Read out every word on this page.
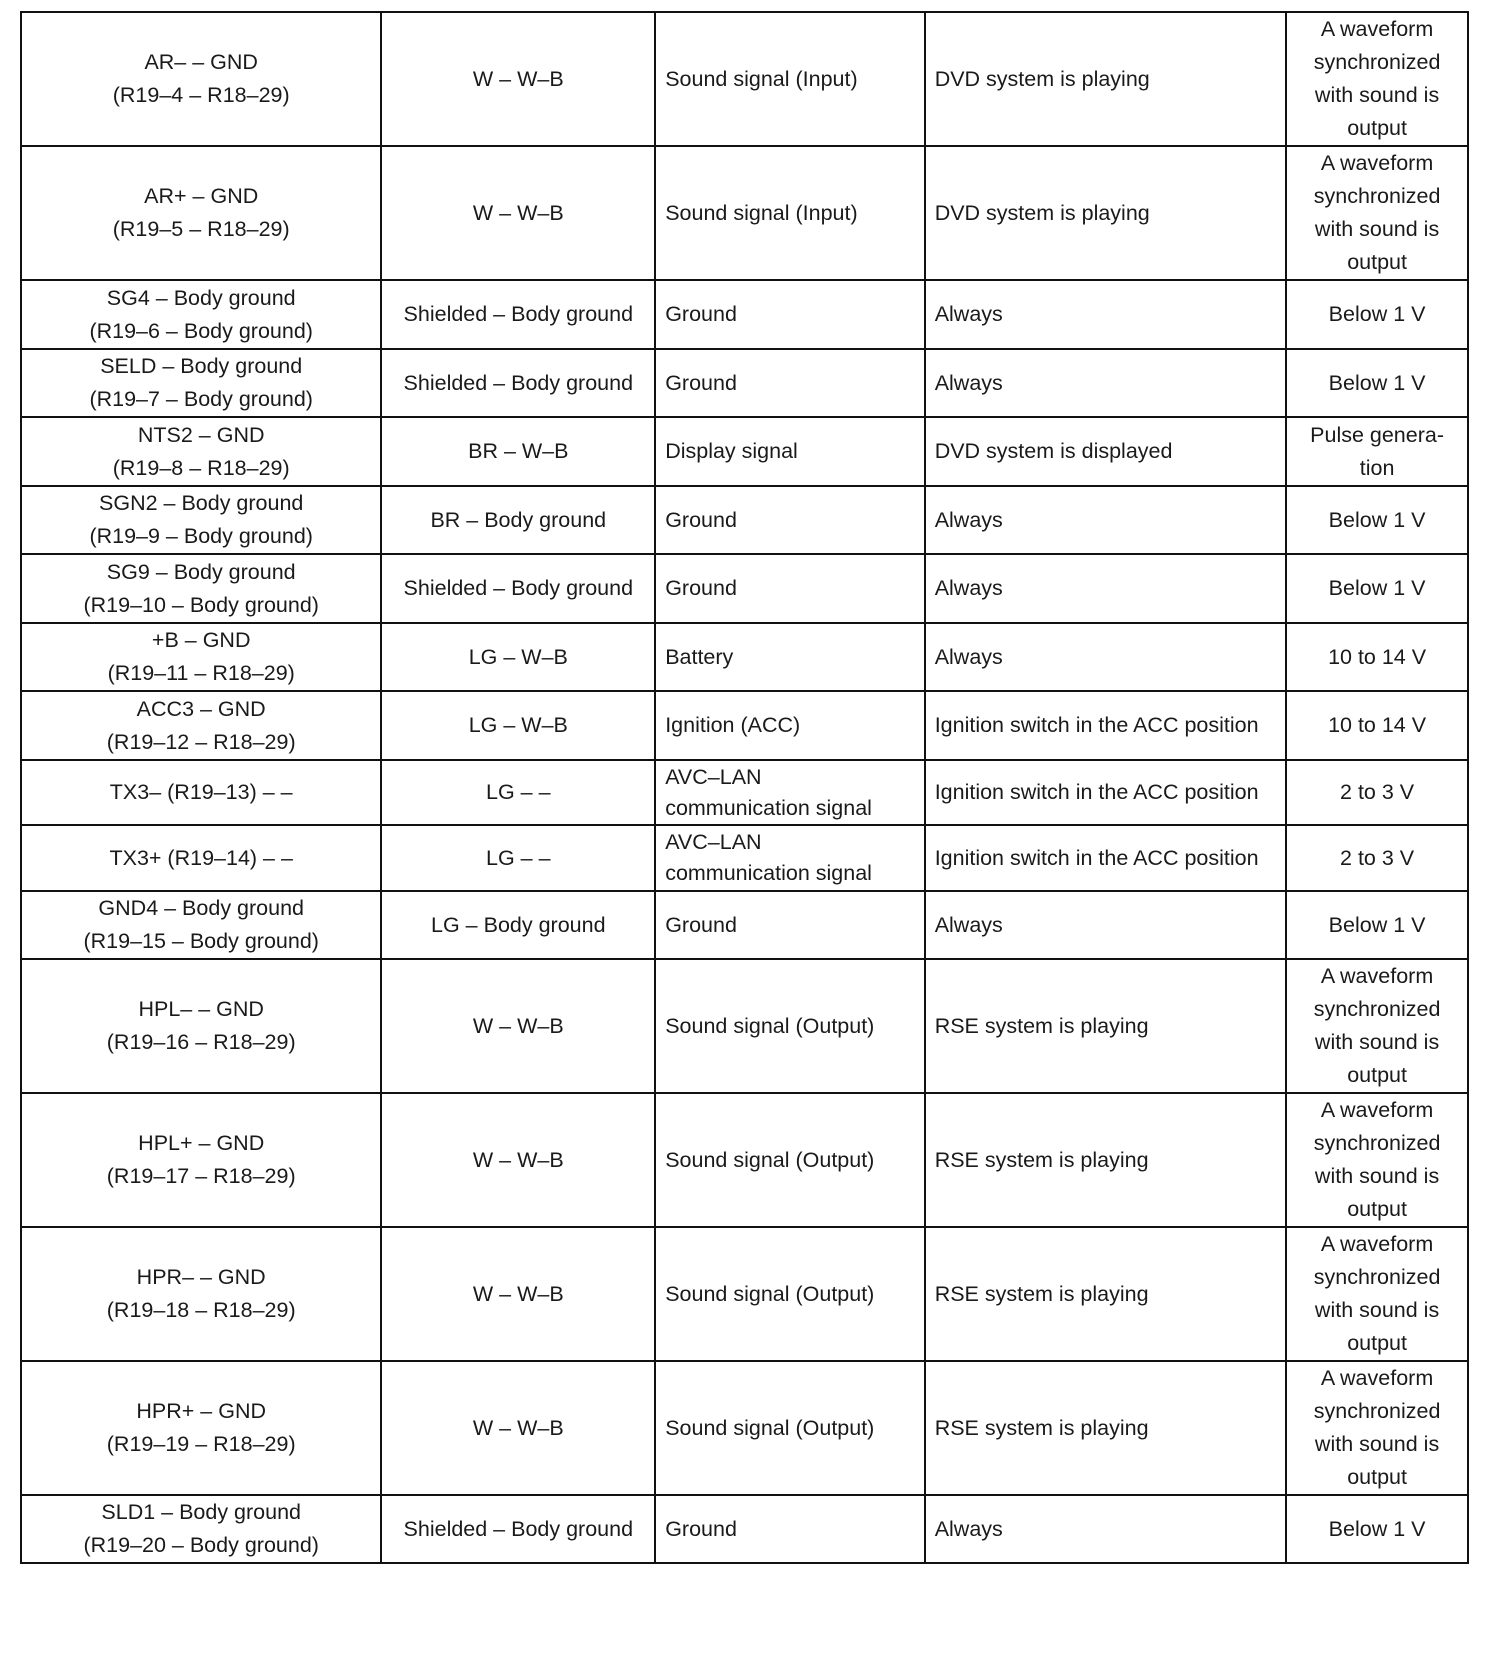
AR– – GND
(R19–4 – R18–29)	W – W–B	Sound signal (Input)	DVD system is playing	A waveform
synchronized
with sound is
output

AR+ – GND
(R19–5 – R18–29)	W – W–B	Sound signal (Input)	DVD system is playing	A waveform
synchronized
with sound is
output

SG4 – Body ground
(R19–6 – Body ground)	Shielded – Body ground	Ground	Always	Below 1 V

SELD – Body ground
(R19–7 – Body ground)	Shielded – Body ground	Ground	Always	Below 1 V

NTS2 – GND
(R19–8 – R18–29)	BR – W–B	Display signal	DVD system is displayed	Pulse genera-
tion

SGN2 – Body ground
(R19–9 – Body ground)	BR – Body ground	Ground	Always	Below 1 V

SG9 – Body ground
(R19–10 – Body ground)	Shielded – Body ground	Ground	Always	Below 1 V

+B – GND
(R19–11 – R18–29)	LG – W–B	Battery	Always	10 to 14 V

ACC3 – GND
(R19–12 – R18–29)	LG – W–B	Ignition (ACC)	Ignition switch in the ACC position	10 to 14 V

TX3– (R19–13) – –	LG – –	AVC–LAN
communication signal	Ignition switch in the ACC position	2 to 3 V

TX3+ (R19–14) – –	LG – –	AVC–LAN
communication signal	Ignition switch in the ACC position	2 to 3 V

GND4 – Body ground
(R19–15 – Body ground)	LG – Body ground	Ground	Always	Below 1 V

HPL– – GND
(R19–16 – R18–29)	W – W–B	Sound signal (Output)	RSE system is playing	A waveform
synchronized
with sound is
output

HPL+ – GND
(R19–17 – R18–29)	W – W–B	Sound signal (Output)	RSE system is playing	A waveform
synchronized
with sound is
output

HPR– – GND
(R19–18 – R18–29)	W – W–B	Sound signal (Output)	RSE system is playing	A waveform
synchronized
with sound is
output

HPR+ – GND
(R19–19 – R18–29)	W – W–B	Sound signal (Output)	RSE system is playing	A waveform
synchronized
with sound is
output

SLD1 – Body ground
(R19–20 – Body ground)	Shielded – Body ground	Ground	Always	Below 1 V
